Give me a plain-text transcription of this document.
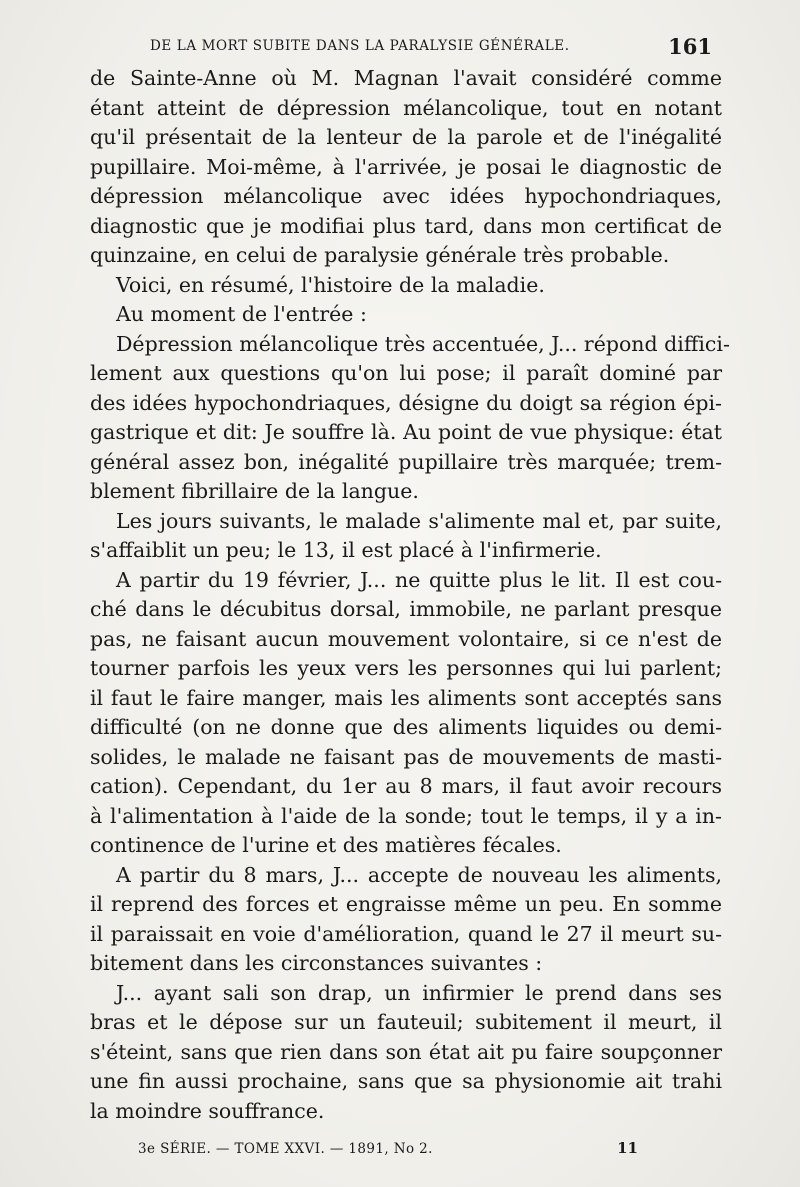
DE LA MORT SUBITE DANS LA PARALYSIE GÉNÉRALE.	161
de Sainte-Anne où M. Magnan l'avait considéré comme
étant atteint de dépression mélancolique, tout en notant
qu'il présentait de la lenteur de la parole et de l'inégalité
pupillaire. Moi-même, à l'arrivée, je posai le diagnostic de
dépression mélancolique avec idées hypochondriaques,
diagnostic que je modifiai plus tard, dans mon certificat de
quinzaine, en celui de paralysie générale très probable.
Voici, en résumé, l'histoire de la maladie.
Au moment de l'entrée :
Dépression mélancolique très accentuée, J... répond diffici-
lement aux questions qu'on lui pose; il paraît dominé par
des idées hypochondriaques, désigne du doigt sa région épi-
gastrique et dit: Je souffre là. Au point de vue physique: état
général assez bon, inégalité pupillaire très marquée; trem-
blement fibrillaire de la langue.
Les jours suivants, le malade s'alimente mal et, par suite,
s'affaiblit un peu; le 13, il est placé à l'infirmerie.
A partir du 19 février, J... ne quitte plus le lit. Il est cou-
ché dans le décubitus dorsal, immobile, ne parlant presque
pas, ne faisant aucun mouvement volontaire, si ce n'est de
tourner parfois les yeux vers les personnes qui lui parlent;
il faut le faire manger, mais les aliments sont acceptés sans
difficulté (on ne donne que des aliments liquides ou demi-
solides, le malade ne faisant pas de mouvements de masti-
cation). Cependant, du 1er au 8 mars, il faut avoir recours
à l'alimentation à l'aide de la sonde; tout le temps, il y a in-
continence de l'urine et des matières fécales.
A partir du 8 mars, J... accepte de nouveau les aliments,
il reprend des forces et engraisse même un peu. En somme
il paraissait en voie d'amélioration, quand le 27 il meurt su-
bitement dans les circonstances suivantes :
J... ayant sali son drap, un infirmier le prend dans ses
bras et le dépose sur un fauteuil; subitement il meurt, il
s'éteint, sans que rien dans son état ait pu faire soupçonner
une fin aussi prochaine, sans que sa physionomie ait trahi
la moindre souffrance.
3e SÉRIE. — TOME XXVI. — 1891, No 2.	11
